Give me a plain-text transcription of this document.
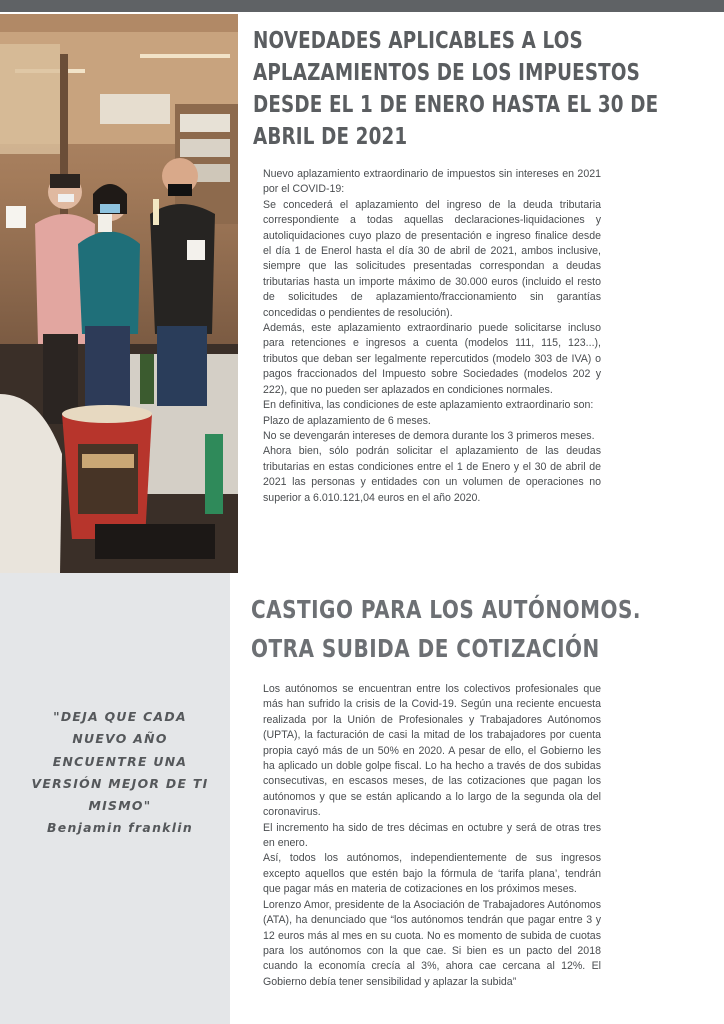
NOVEDADES APLICABLES A LOS APLAZAMIENTOS DE LOS IMPUESTOS DESDE EL 1 DE ENERO HASTA EL 30 DE ABRIL DE 2021

Nuevo aplazamiento extraordinario de impuestos sin intereses en 2021 por el COVID-19:

Se concederá el aplazamiento del ingreso de la deuda tributaria correspondiente a todas aquellas declaraciones-liquidaciones y autoliquidaciones cuyo plazo de presentación e ingreso finalice desde el día 1 de Enerol hasta el día 30 de abril de 2021, ambos inclusive, siempre que las solicitudes presentadas correspondan a deudas tributarias hasta un importe máximo de 30.000 euros (incluido el resto de solicitudes de aplazamiento/fraccionamiento sin garantías concedidas o pendientes de resolución).

Además, este aplazamiento extraordinario puede solicitarse incluso para retenciones e ingresos a cuenta (modelos 111, 115, 123...), tributos que deban ser legalmente repercutidos (modelo 303 de IVA) o pagos fraccionados del Impuesto sobre Sociedades (modelos 202 y 222), que no pueden ser aplazados en condiciones normales.

En definitiva, las condiciones de este aplazamiento extraordinario son:

Plazo de aplazamiento de 6 meses.

No se devengarán intereses de demora durante los 3 primeros meses.

Ahora bien, sólo podrán solicitar el aplazamiento de las deudas tributarias en estas condiciones entre el 1 de Enero y el 30 de abril de 2021 las personas y entidades con un volumen de operaciones no superior a 6.010.121,04 euros en el año 2020.

CASTIGO PARA LOS AUTÓNOMOS.
OTRA SUBIDA DE COTIZACIÓN

Los autónomos se encuentran entre los colectivos profesionales que más han sufrido la crisis de la Covid-19. Según una reciente encuesta realizada por la Unión de Profesionales y Trabajadores Autónomos (UPTA), la facturación de casi la mitad de los trabajadores por cuenta propia cayó más de un 50% en 2020. A pesar de ello, el Gobierno les ha aplicado un doble golpe fiscal. Lo ha hecho a través de dos subidas consecutivas, en escasos meses, de las cotizaciones que pagan los autónomos y que se están aplicando a lo largo de la segunda ola del coronavirus.

El incremento ha sido de tres décimas en octubre y será de otras tres en enero.

Así, todos los autónomos, independientemente de sus ingresos excepto aquellos que estén bajo la fórmula de ‘tarifa plana’, tendrán que pagar más en materia de cotizaciones en los próximos meses.

Lorenzo Amor, presidente de la Asociación de Trabajadores Autónomos (ATA), ha denunciado que “los autónomos tendrán que pagar entre 3 y 12 euros más al mes en su cuota. No es momento de subida de cuotas para los autónomos con la que cae. Si bien es un pacto del 2018 cuando la economía crecía al 3%, ahora cae cercana al 12%. El Gobierno debía tener sensibilidad y aplazar la subida”

"DEJA QUE CADA
NUEVO AÑO
ENCUENTRE UNA
VERSIÓN MEJOR DE TI
MISMO"
Benjamin franklin
